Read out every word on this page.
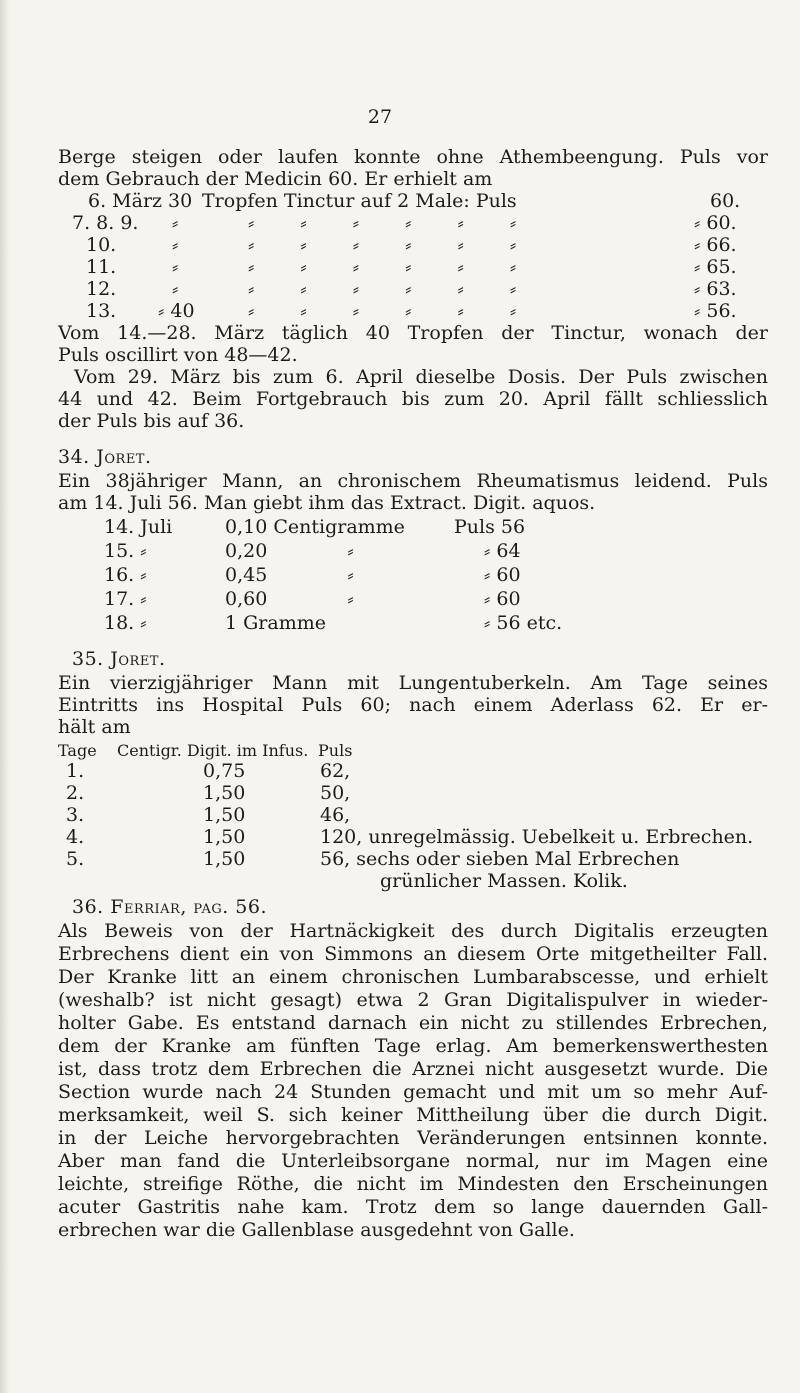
27
Berge steigen oder laufen konnte ohne Athembeengung. Puls vor
dem Gebrauch der Medicin 60. Er erhielt am
6. März 30 Tropfen Tinctur auf 2 Male: Puls	60.
7. 8. 9. ⸗	⸗ ⸗ ⸗ ⸗ ⸗ ⸗	⸗ 60.
10.	⸗	⸗ ⸗ ⸗ ⸗ ⸗ ⸗	⸗ 66.
11.	⸗	⸗ ⸗ ⸗ ⸗ ⸗ ⸗	⸗ 65.
12.	⸗	⸗ ⸗ ⸗ ⸗ ⸗ ⸗	⸗ 63.
13. ⸗ 40	⸗ ⸗ ⸗ ⸗ ⸗ ⸗	⸗ 56.
Vom 14.—28. März täglich 40 Tropfen der Tinctur, wonach der
Puls oscillirt von 48—42.
Vom 29. März bis zum 6. April dieselbe Dosis. Der Puls zwischen
44 und 42. Beim Fortgebrauch bis zum 20. April fällt schliesslich
der Puls bis auf 36.
34. Joret.
Ein 38jähriger Mann, an chronischem Rheumatismus leidend. Puls
am 14. Juli 56. Man giebt ihm das Extract. Digit. aquos.
14. Juli	0,10 Centigramme	Puls 56
15. ⸗	0,20 ⸗	⸗ 64
16. ⸗	0,45 ⸗	⸗ 60
17. ⸗	0,60 ⸗	⸗ 60
18. ⸗	1 Gramme	⸗ 56 etc.
35. Joret.
Ein vierzigjähriger Mann mit Lungentuberkeln. Am Tage seines
Eintritts ins Hospital Puls 60; nach einem Aderlass 62. Er er-
hält am
Tage Centigr. Digit. im Infus. Puls
1.	0,75	62,
2.	1,50	50,
3.	1,50	46,
4.	1,50	120, unregelmässig. Uebelkeit u. Erbrechen.
5.	1,50	56, sechs oder sieben Mal Erbrechen
grünlicher Massen. Kolik.
36. Ferriar, pag. 56.
Als Beweis von der Hartnäckigkeit des durch Digitalis erzeugten
Erbrechens dient ein von Simmons an diesem Orte mitgetheilter Fall.
Der Kranke litt an einem chronischen Lumbarabscesse, und erhielt
(weshalb? ist nicht gesagt) etwa 2 Gran Digitalispulver in wieder-
holter Gabe. Es entstand darnach ein nicht zu stillendes Erbrechen,
dem der Kranke am fünften Tage erlag. Am bemerkenswerthesten
ist, dass trotz dem Erbrechen die Arznei nicht ausgesetzt wurde. Die
Section wurde nach 24 Stunden gemacht und mit um so mehr Auf-
merksamkeit, weil S. sich keiner Mittheilung über die durch Digit.
in der Leiche hervorgebrachten Veränderungen entsinnen konnte.
Aber man fand die Unterleibsorgane normal, nur im Magen eine
leichte, streifige Röthe, die nicht im Mindesten den Erscheinungen
acuter Gastritis nahe kam. Trotz dem so lange dauernden Gall-
erbrechen war die Gallenblase ausgedehnt von Galle.
